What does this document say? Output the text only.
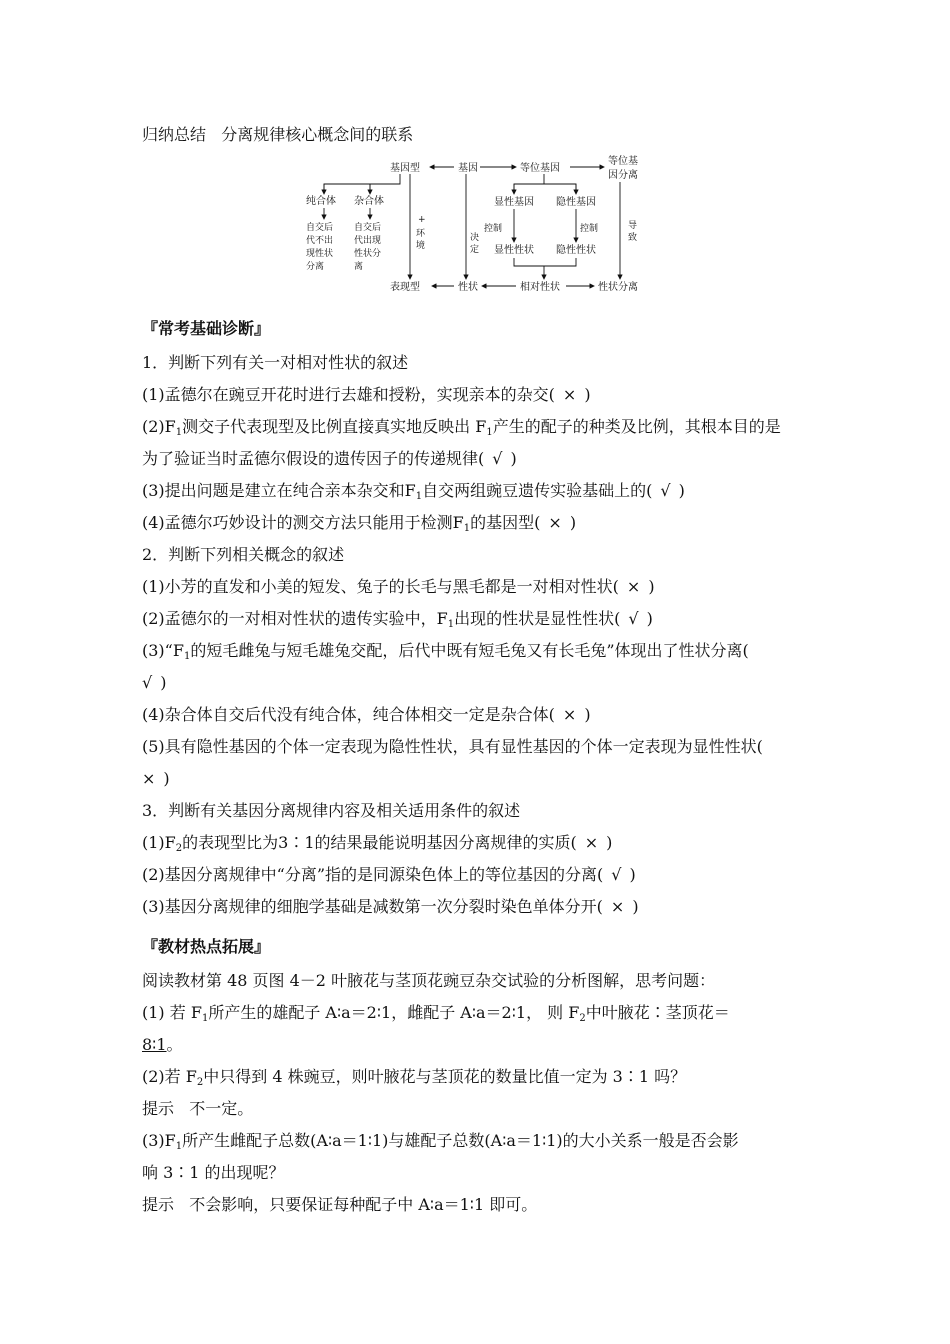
归纳总结 分离规律核心概念间的联系
基因型	基因	等位基因
等位基
因分离
纯合体 杂合体
自交后
代不出
现性状
分离
自交后
代出现
性状分
离
显性基因 隐性基因
控制	控制
显性性状 隐性性状
+
环
境
决
定
导
致
表现型	性状	相对性状	性状分离
『常考基础诊断』
1．判断下列有关一对相对性状的叙述
(1)孟德尔在豌豆开花时进行去雄和授粉，实现亲本的杂交( × )
$(2)F_1$测交子代表现型及比例直接真实地反映出 $F_1$产生的配子的种类及比例，其根本目的是
为了验证当时孟德尔假设的遗传因子的传递规律( √ )
(3)提出问题是建立在纯合亲本杂交和$F_1$自交两组豌豆遗传实验基础上的( √ )
(4)孟德尔巧妙设计的测交方法只能用于检测$F_1$的基因型( × )
2．判断下列相关概念的叙述
(1)小芳的直发和小美的短发、兔子的长毛与黑毛都是一对相对性状( × )
(2)孟德尔的一对相对性状的遗传实验中，$F_1$出现的性状是显性性状( √ )
$(3)“F_1$的短毛雌兔与短毛雄兔交配，后代中既有短毛兔又有长毛兔”体现出了性状分离(
√ )
(4)杂合体自交后代没有纯合体，纯合体相交一定是杂合体( × )
(5)具有隐性基因的个体一定表现为隐性性状，具有显性基因的个体一定表现为显性性状(
× )
3．判断有关基因分离规律内容及相关适用条件的叙述
$(1)F_2$的表现型比为3∶1的结果最能说明基因分离规律的实质( × )
(2)基因分离规律中“分离”指的是同源染色体上的等位基因的分离( √ )
(3)基因分离规律的细胞学基础是减数第一次分裂时染色单体分开( × )
『教材热点拓展』
阅读教材第 48 页图 4－2 叶腋花与茎顶花豌豆杂交试验的分析图解，思考问题：
(1) 若 $F_1$所产生的雄配子 A∶a＝2∶1，雌配子 A∶a＝2∶1， 则 $F_2$中叶腋花∶茎顶花＝
8∶1。
(2)若 $F_2$中只得到 4 株豌豆，则叶腋花与茎顶花的数量比值一定为 3∶1 吗？
提示 不一定。
$(3)F_1$所产生雌配子总数(A∶a＝1∶1)与雄配子总数(A∶a＝1∶1)的大小关系一般是否会影
响 3∶1 的出现呢？
提示 不会影响，只要保证每种配子中 A∶a＝1∶1 即可。
